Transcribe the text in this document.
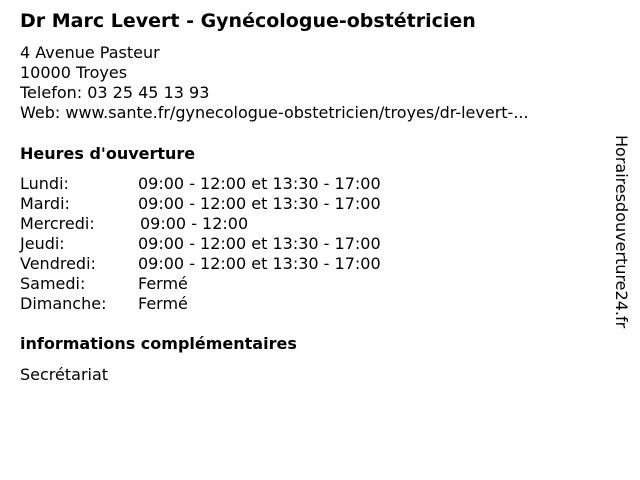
Dr Marc Levert - Gynécologue-obstétricien
4 Avenue Pasteur
10000 Troyes
Telefon: 03 25 45 13 93
Web: www.sante.fr/gynecologue-obstetricien/troyes/dr-levert-...
Heures d'ouverture
Lundi:	09:00 - 12:00 et 13:30 - 17:00
Mardi:	09:00 - 12:00 et 13:30 - 17:00
Mercredi:	09:00 - 12:00
Jeudi:	09:00 - 12:00 et 13:30 - 17:00
Vendredi:	09:00 - 12:00 et 13:30 - 17:00
Samedi:	Fermé
Dimanche: Fermé
informations complémentaires
Secrétariat
Horairesdouverture24.fr
